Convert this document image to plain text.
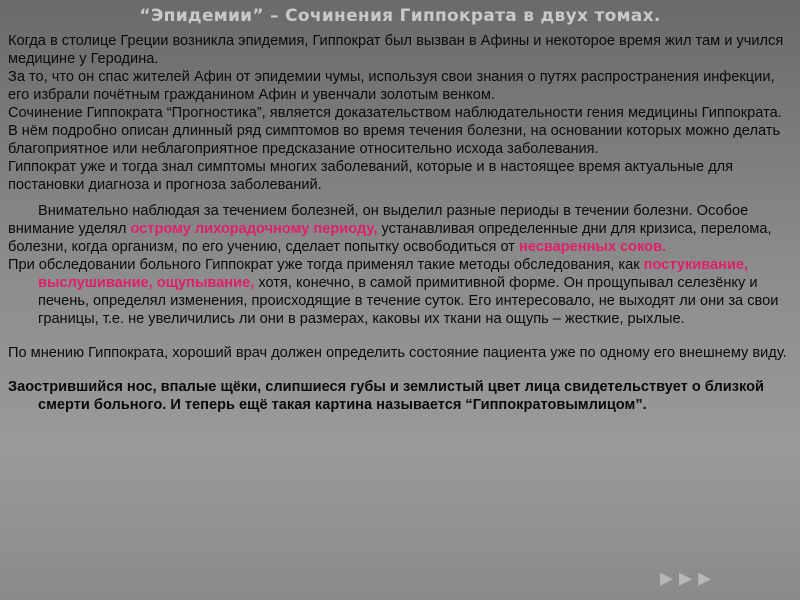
“Эпидемии” – Сочинения Гиппократа в двух томах.

Когда в столице Греции возникла эпидемия, Гиппократ был вызван в Афины и некоторое время жил там и учился медицине у Геродина.

За то, что он спас жителей Афин от эпидемии чумы, используя свои знания о путях распространения инфекции, его избрали почётным гражданином Афин и увенчали золотым венком.

Сочинение Гиппократа “Прогностика”, является доказательством наблюдательности гения медицины Гиппократа.

В нём подробно описан длинный ряд симптомов во время течения болезни, на основании которых можно делать благоприятное или неблагоприятное предсказание относительно исхода заболевания.

Гиппократ уже и тогда знал симптомы многих заболеваний, которые и в настоящее время актуальные для постановки диагноза и прогноза заболеваний.

Внимательно наблюдая за течением болезней, он выделил разные периоды в течении болезни. Особое внимание уделял острому лихорадочному периоду, устанавливая определенные дни для кризиса, перелома, болезни, когда организм, по его учению, сделает попытку освободиться от несваренных соков.

При обследовании больного Гиппократ уже тогда применял такие методы обследования, как постукивание, выслушивание, ощупывание, хотя, конечно, в самой примитивной форме. Он прощупывал селезёнку и печень, определял изменения, происходящие в течение суток. Его интересовало, не выходят ли они за свои границы, т.е. не увеличились ли они в размерах, каковы их ткани на ощупь – жесткие, рыхлые.

По мнению Гиппократа, хороший врач должен определить состояние пациента уже по одному его внешнему виду.

Заострившийся нос, впалые щёки, слипшиеся губы и землистый цвет лица свидетельствует о близкой смерти больного. И теперь ещё такая картина называется “Гиппократовымлицом”.

▸▸▸
